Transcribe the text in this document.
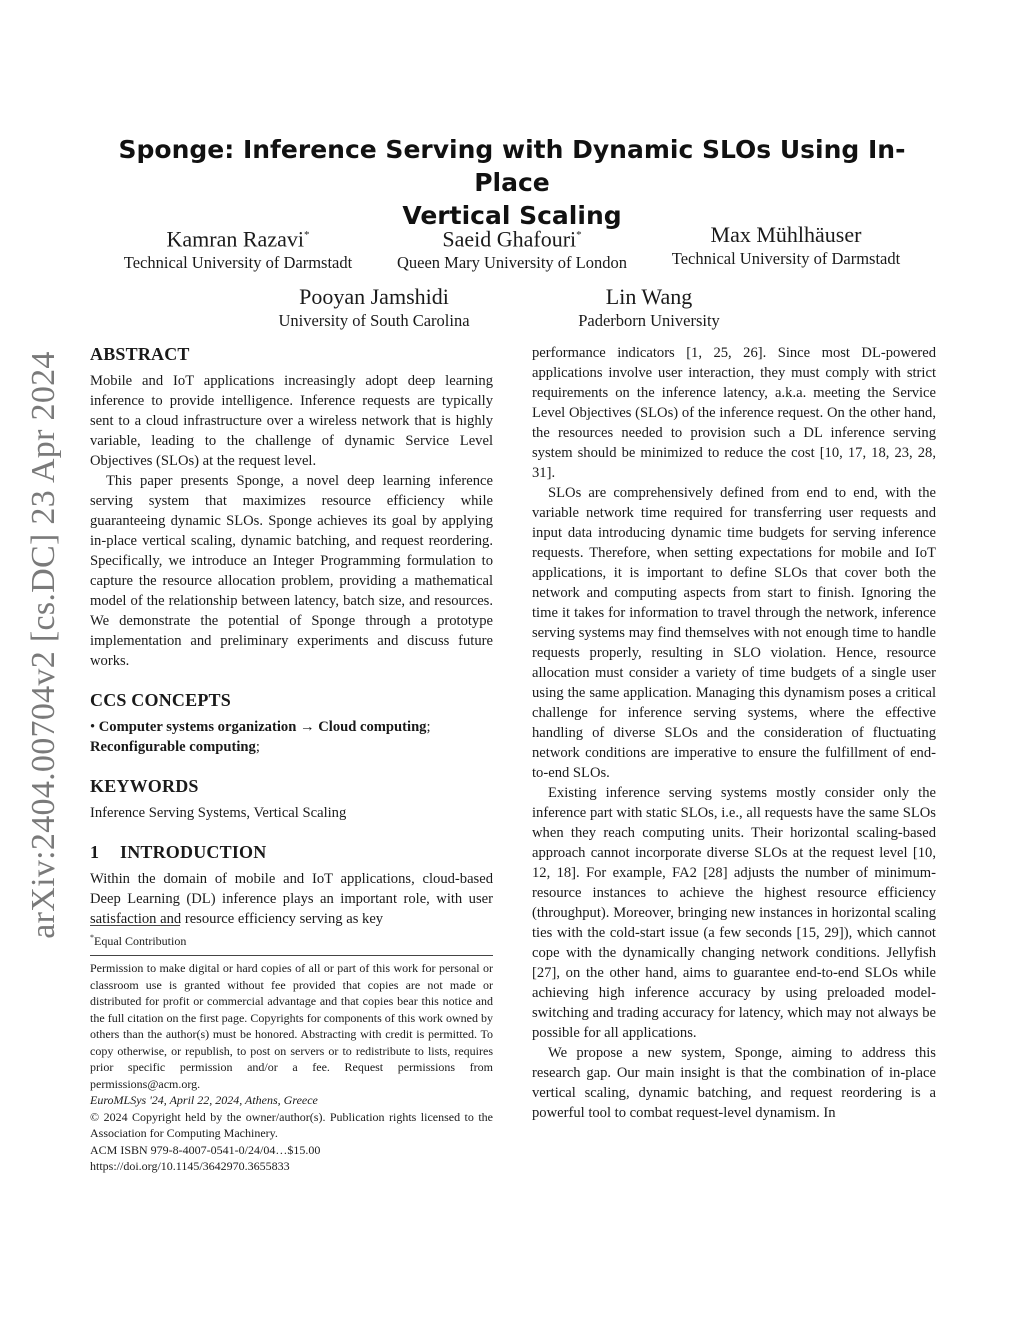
arXiv:2404.00704v2 [cs.DC] 23 Apr 2024
Sponge: Inference Serving with Dynamic SLOs Using In-Place
Vertical Scaling
Kamran Razavi*
Technical University of Darmstadt
Saeid Ghafouri*
Queen Mary University of London
Max Mühlhäuser
Technical University of Darmstadt
Pooyan Jamshidi
University of South Carolina
Lin Wang
Paderborn University
ABSTRACT

Mobile and IoT applications increasingly adopt deep learning inference to provide intelligence. Inference requests are typically sent to a cloud infrastructure over a wireless network that is highly variable, leading to the challenge of dynamic Service Level Objectives (SLOs) at the request level.

This paper presents Sponge, a novel deep learning inference serving system that maximizes resource efficiency while guaranteeing dynamic SLOs. Sponge achieves its goal by applying in-place vertical scaling, dynamic batching, and request reordering. Specifically, we introduce an Integer Programming formulation to capture the resource allocation problem, providing a mathematical model of the relationship between latency, batch size, and resources. We demonstrate the potential of Sponge through a prototype implementation and preliminary experiments and discuss future works.

CCS CONCEPTS

• Computer systems organization → Cloud computing; Reconfigurable computing;

KEYWORDS

Inference Serving Systems, Vertical Scaling

1 INTRODUCTION

Within the domain of mobile and IoT applications, cloud-based Deep Learning (DL) inference plays an important role, with user satisfaction and resource efficiency serving as key

*Equal Contribution

Permission to make digital or hard copies of all or part of this work for personal or classroom use is granted without fee provided that copies are not made or distributed for profit or commercial advantage and that copies bear this notice and the full citation on the first page. Copyrights for components of this work owned by others than the author(s) must be honored. Abstracting with credit is permitted. To copy otherwise, or republish, to post on servers or to redistribute to lists, requires prior specific permission and/or a fee. Request permissions from permissions@acm.org.

EuroMLSys '24, April 22, 2024, Athens, Greece

© 2024 Copyright held by the owner/author(s). Publication rights licensed to the Association for Computing Machinery.

ACM ISBN 979-8-4007-0541-0/24/04…$15.00

https://doi.org/10.1145/3642970.3655833

performance indicators [1, 25, 26]. Since most DL-powered applications involve user interaction, they must comply with strict requirements on the inference latency, a.k.a. meeting the Service Level Objectives (SLOs) of the inference request. On the other hand, the resources needed to provision such a DL inference serving system should be minimized to reduce the cost [10, 17, 18, 23, 28, 31].

SLOs are comprehensively defined from end to end, with the variable network time required for transferring user requests and input data introducing dynamic time budgets for serving inference requests. Therefore, when setting expectations for mobile and IoT applications, it is important to define SLOs that cover both the network and computing aspects from start to finish. Ignoring the time it takes for information to travel through the network, inference serving systems may find themselves with not enough time to handle requests properly, resulting in SLO violation. Hence, resource allocation must consider a variety of time budgets of a single user using the same application. Managing this dynamism poses a critical challenge for inference serving systems, where the effective handling of diverse SLOs and the consideration of fluctuating network conditions are imperative to ensure the fulfillment of end-to-end SLOs.

Existing inference serving systems mostly consider only the inference part with static SLOs, i.e., all requests have the same SLOs when they reach computing units. Their horizontal scaling-based approach cannot incorporate diverse SLOs at the request level [10, 12, 18]. For example, FA2 [28] adjusts the number of minimum-resource instances to achieve the highest resource efficiency (throughput). Moreover, bringing new instances in horizontal scaling ties with the cold-start issue (a few seconds [15, 29]), which cannot cope with the dynamically changing network conditions. Jellyfish [27], on the other hand, aims to guarantee end-to-end SLOs while achieving high inference accuracy by using preloaded model-switching and trading accuracy for latency, which may not always be possible for all applications.

We propose a new system, Sponge, aiming to address this research gap. Our main insight is that the combination of in-place vertical scaling, dynamic batching, and request reordering is a powerful tool to combat request-level dynamism. In
